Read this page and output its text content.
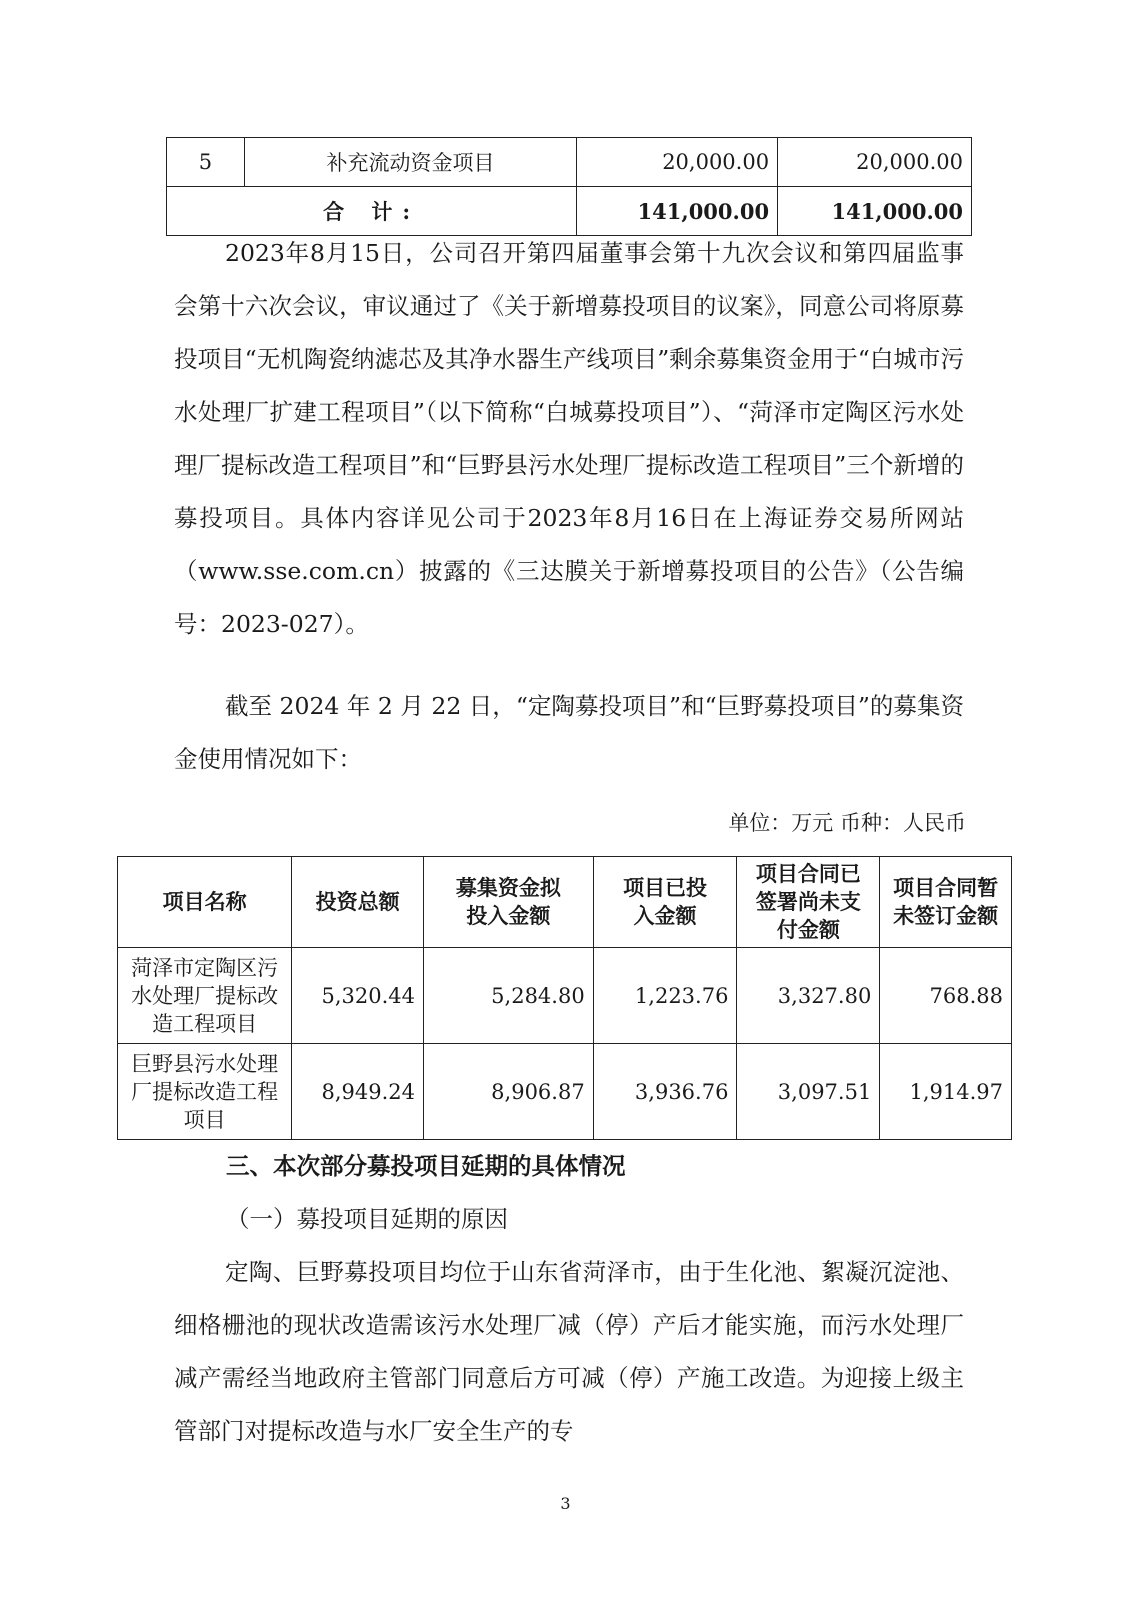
5	补充流动资金项目	20,000.00	20,000.00
合 计:		141,000.00	141,000.00

2023年8月15日，公司召开第四届董事会第十九次会议和第四届监事会第十六次会议，审议通过了《关于新增募投项目的议案》，同意公司将原募投项目“无机陶瓷纳滤芯及其净水器生产线项目”剩余募集资金用于“白城市污水处理厂扩建工程项目”（以下简称“白城募投项目”）、“菏泽市定陶区污水处理厂提标改造工程项目”和“巨野县污水处理厂提标改造工程项目”三个新增的募投项目。具体内容详见公司于2023年8月16日在上海证券交易所网站（www.sse.com.cn）披露的《三达膜关于新增募投项目的公告》（公告编号：2023-027）。

截至 2024 年 2 月 22 日，“定陶募投项目”和“巨野募投项目”的募集资金使用情况如下：

单位：万元 币种：人民币
项目名称	投资总额	募集资金拟投入金额	项目已投入金额	项目合同已签署尚未支付金额	项目合同暂未签订金额

菏泽市定陶区污水处理厂提标改造工程项目	5,320.44	5,284.80	1,223.76	3,327.80	768.88

巨野县污水处理厂提标改造工程项目	8,949.24	8,906.87	3,936.76	3,097.51	1,914.97

三、本次部分募投项目延期的具体情况

（一）募投项目延期的原因

定陶、巨野募投项目均位于山东省菏泽市，由于生化池、絮凝沉淀池、细格栅池的现状改造需该污水处理厂减（停）产后才能实施，而污水处理厂减产需经当地政府主管部门同意后方可减（停）产施工改造。为迎接上级主管部门对提标改造与水厂安全生产的专

3
